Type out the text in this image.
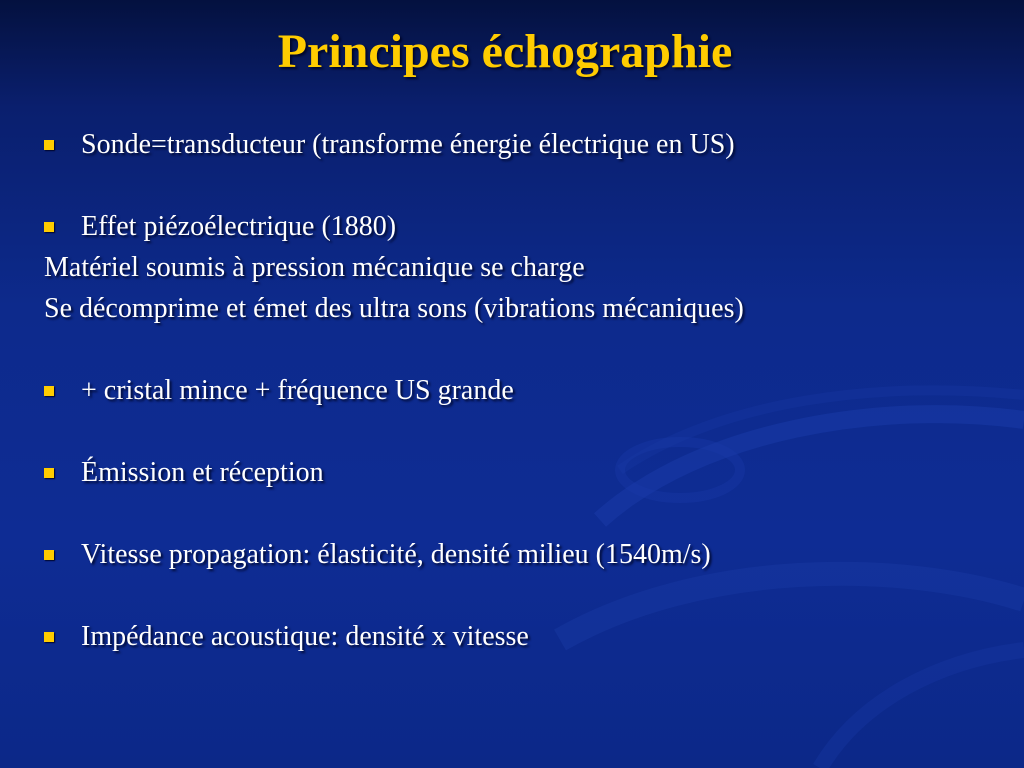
Principes échographie
Sonde=transducteur (transforme énergie électrique en US)
Effet piézoélectrique (1880)
Matériel soumis à pression mécanique se charge
Se décomprime et émet des ultra sons (vibrations mécaniques)
+ cristal mince + fréquence US grande
Émission et réception
Vitesse propagation: élasticité, densité milieu (1540m/s)
Impédance acoustique: densité x vitesse
